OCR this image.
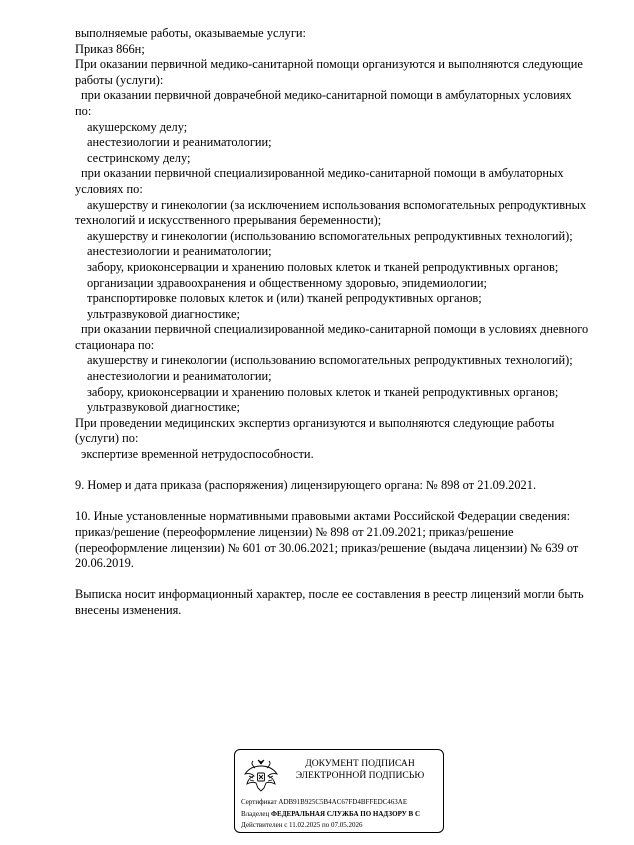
выполняемые работы, оказываемые услуги:
Приказ 866н;
При оказании первичной медико-санитарной помощи организуются и выполняются следующие
работы (услуги):
при оказании первичной доврачебной медико-санитарной помощи в амбулаторных условиях
по:
акушерскому делу;
анестезиологии и реаниматологии;
сестринскому делу;
при оказании первичной специализированной медико-санитарной помощи в амбулаторных
условиях по:
акушерству и гинекологии (за исключением использования вспомогательных репродуктивных
технологий и искусственного прерывания беременности);
акушерству и гинекологии (использованию вспомогательных репродуктивных технологий);
анестезиологии и реаниматологии;
забору, криоконсервации и хранению половых клеток и тканей репродуктивных органов;
организации здравоохранения и общественному здоровью, эпидемиологии;
транспортировке половых клеток и (или) тканей репродуктивных органов;
ультразвуковой диагностике;
при оказании первичной специализированной медико-санитарной помощи в условиях дневного
стационара по:
акушерству и гинекологии (использованию вспомогательных репродуктивных технологий);
анестезиологии и реаниматологии;
забору, криоконсервации и хранению половых клеток и тканей репродуктивных органов;
ультразвуковой диагностике;
При проведении медицинских экспертиз организуются и выполняются следующие работы
(услуги) по:
экспертизе временной нетрудоспособности.
9. Номер и дата приказа (распоряжения) лицензирующего органа: № 898 от 21.09.2021.
10. Иные установленные нормативными правовыми актами Российской Федерации сведения:
приказ/решение (переоформление лицензии) № 898 от 21.09.2021; приказ/решение
(переоформление лицензии) № 601 от 30.06.2021; приказ/решение (выдача лицензии) № 639 от
20.06.2019.
Выписка носит информационный характер, после ее составления в реестр лицензий могли быть
внесены изменения.
ДОКУМЕНТ ПОДПИСАН
ЭЛЕКТРОННОЙ ПОДПИСЬЮ
Сертификат ADB91B925C5B4AC67FD4BFFEDC463AE
Владелец ФЕДЕРАЛЬНАЯ СЛУЖБА ПО НАДЗОРУ В С
Действителен с 11.02.2025 по 07.05.2026
